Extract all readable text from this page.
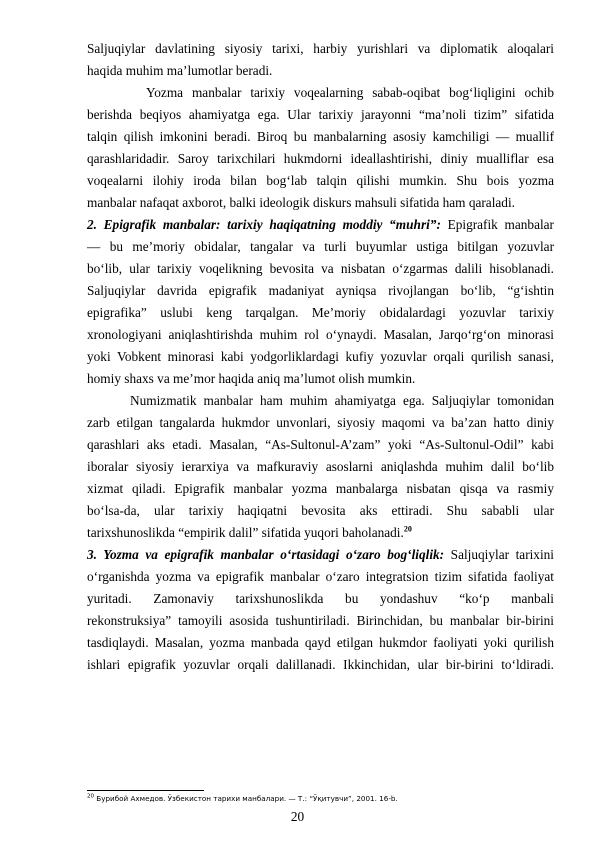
Saljuqiylar davlatining siyosiy tarixi, harbiy yurishlari va diplomatik aloqalari
haqida muhim ma’lumotlar beradi.
Yozma manbalar tarixiy voqealarning sabab-oqibat bog‘liqligini ochib
berishda beqiyos ahamiyatga ega. Ular tarixiy jarayonni “ma’noli tizim” sifatida
talqin qilish imkonini beradi. Biroq bu manbalarning asosiy kamchiligi — muallif
qarashlaridadir. Saroy tarixchilari hukmdorni ideallashtirishi, diniy mualliflar esa
voqealarni ilohiy iroda bilan bog‘lab talqin qilishi mumkin. Shu bois yozma
manbalar nafaqat axborot, balki ideologik diskurs mahsuli sifatida ham qaraladi.
2. Epigrafik manbalar: tarixiy haqiqatning moddiy “muhri”: Epigrafik manbalar
— bu me’moriy obidalar, tangalar va turli buyumlar ustiga bitilgan yozuvlar
bo‘lib, ular tarixiy voqelikning bevosita va nisbatan o‘zgarmas dalili hisoblanadi.
Saljuqiylar davrida epigrafik madaniyat ayniqsa rivojlangan bo‘lib, “g‘ishtin
epigrafika” uslubi keng tarqalgan. Me’moriy obidalardagi yozuvlar tarixiy
xronologiyani aniqlashtirishda muhim rol o‘ynaydi. Masalan, Jarqo‘rg‘on minorasi
yoki Vobkent minorasi kabi yodgorliklardagi kufiy yozuvlar orqali qurilish sanasi,
homiy shaxs va me’mor haqida aniq ma’lumot olish mumkin.
Numizmatik manbalar ham muhim ahamiyatga ega. Saljuqiylar tomonidan
zarb etilgan tangalarda hukmdor unvonlari, siyosiy maqomi va ba’zan hatto diniy
qarashlari aks etadi. Masalan, “As-Sultonul-A’zam” yoki “As-Sultonul-Odil” kabi
iboralar siyosiy ierarxiya va mafkuraviy asoslarni aniqlashda muhim dalil bo‘lib
xizmat qiladi. Epigrafik manbalar yozma manbalarga nisbatan qisqa va rasmiy
bo‘lsa-da, ular tarixiy haqiqatni bevosita aks ettiradi. Shu sababli ular
tarixshunoslikda “empirik dalil” sifatida yuqori baholanadi.$^{20}$
3. Yozma va epigrafik manbalar o‘rtasidagi o‘zaro bog‘liqlik: Saljuqiylar tarixini
o‘rganishda yozma va epigrafik manbalar o‘zaro integratsion tizim sifatida faoliyat
yuritadi. Zamonaviy tarixshunoslikda bu yondashuv “ko‘p manbali
rekonstruksiya” tamoyili asosida tushuntiriladi. Birinchidan, bu manbalar bir-birini
tasdiqlaydi. Masalan, yozma manbada qayd etilgan hukmdor faoliyati yoki qurilish
ishlari epigrafik yozuvlar orqali dalillanadi. Ikkinchidan, ular bir-birini to‘ldiradi.
$^{20}$ Бурибой Ахмедов. Ўзбекистон тарихи манбалари. — Т.: “Ўқитувчи”, 2001. 16-b.
20
